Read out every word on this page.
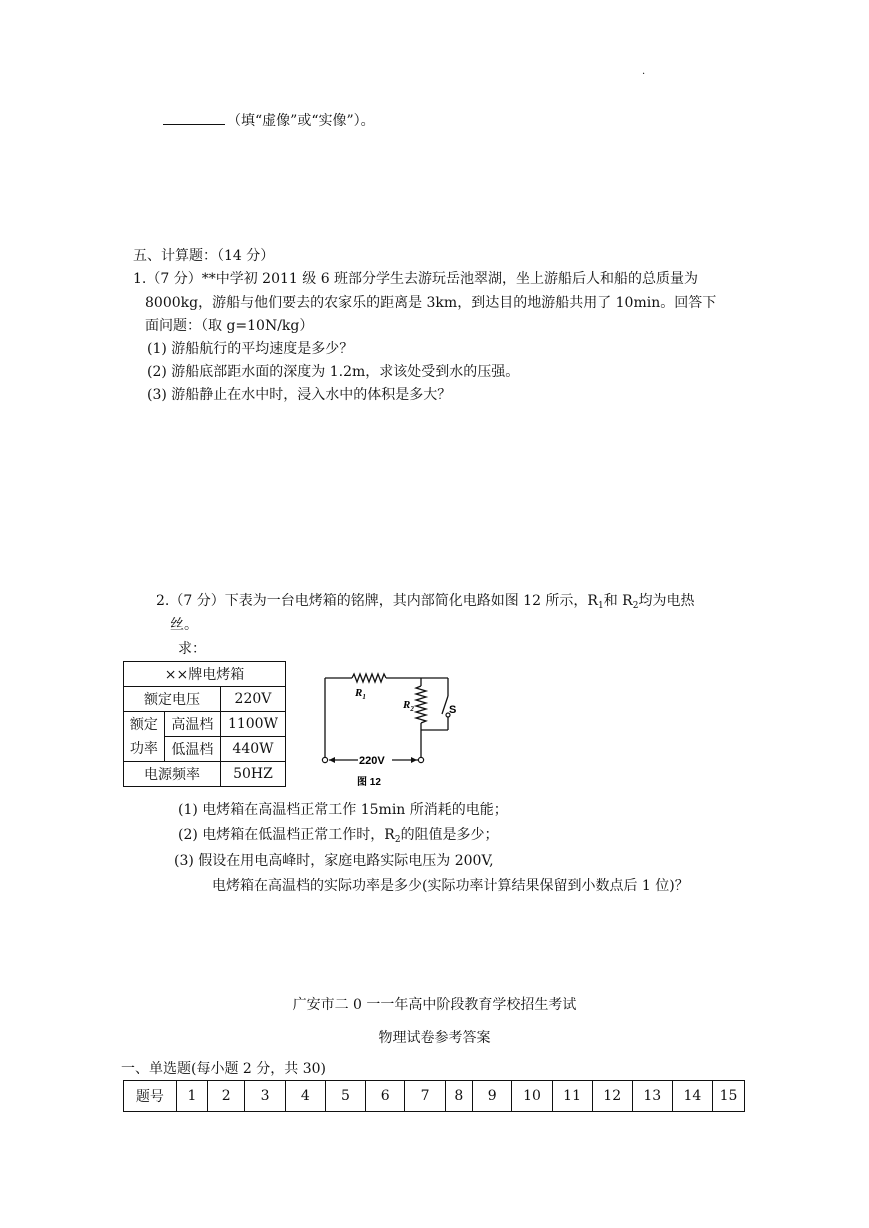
.
（填“虚像”或“实像”）。
五、计算题：（14 分）
1.（7 分）**中学初 2011 级 6 班部分学生去游玩岳池翠湖，坐上游船后人和船的总质量为
8000kg，游船与他们要去的农家乐的距离是 3km，到达目的地游船共用了 10min。回答下
面问题：（取 g=10N/kg）
(1) 游船航行的平均速度是多少？
(2) 游船底部距水面的深度为 1.2m，求该处受到水的压强。
(3) 游船静止在水中时，浸入水中的体积是多大？
2.（7 分）下表为一台电烤箱的铭牌，其内部简化电路如图 12 所示，$R_1$和 $R_2$均为电热
丝。
求：
××牌电烤箱		
额定电压		220V

额定
功率	高温档	1100W
	低温档	440W
电源频率		50HZ
220V
$R_1$
$R_2$	S
图 12
(1) 电烤箱在高温档正常工作 15min 所消耗的电能；
(2) 电烤箱在低温档正常工作时，$R_2$的阻值是多少；
(3) 假设在用电高峰时，家庭电路实际电压为 200V,
电烤箱在高温档的实际功率是多少(实际功率计算结果保留到小数点后 1 位)？
广安市二 0 一一年高中阶段教育学校招生考试
物理试卷参考答案
一、单选题(每小题 2 分，共 30)
题号	1	2	3	4	5	6	7	8	9	10	11	12	13	14	15
